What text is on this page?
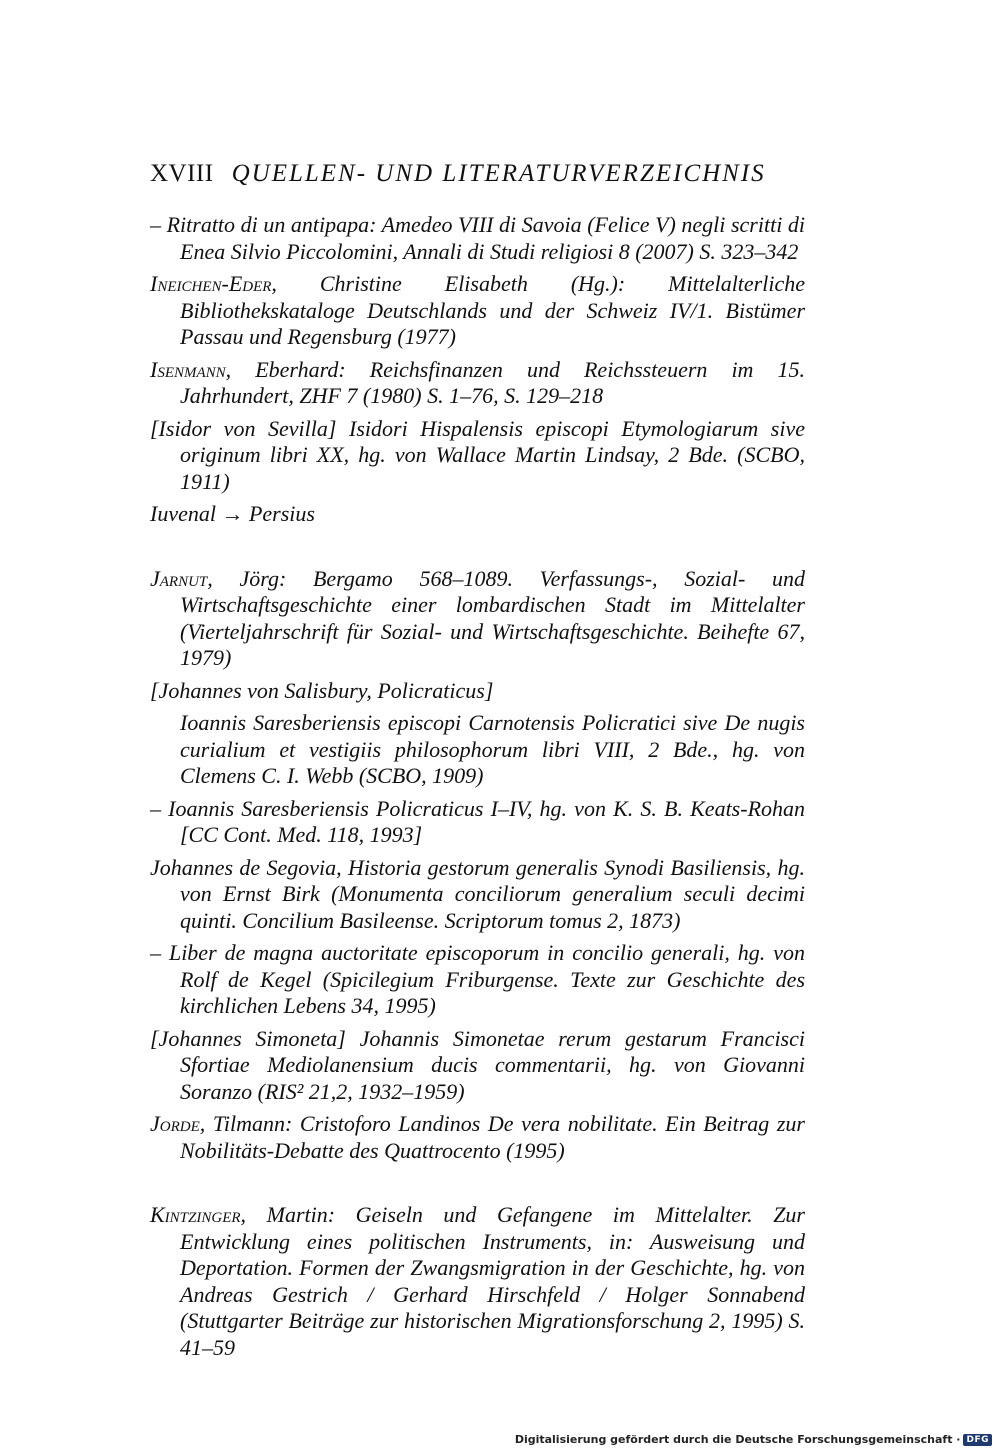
XVIII QUELLEN- UND LITERATURVERZEICHNIS
– Ritratto di un antipapa: Amedeo VIII di Savoia (Felice V) negli scritti di Enea Silvio Piccolomini, Annali di Studi religiosi 8 (2007) S. 323–342
Ineichen-Eder, Christine Elisabeth (Hg.): Mittelalterliche Bibliothekskataloge Deutschlands und der Schweiz IV/1. Bistümer Passau und Regensburg (1977)
Isenmann, Eberhard: Reichsfinanzen und Reichssteuern im 15. Jahrhundert, ZHF 7 (1980) S. 1–76, S. 129–218
[Isidor von Sevilla] Isidori Hispalensis episcopi Etymologiarum sive originum libri XX, hg. von Wallace Martin Lindsay, 2 Bde. (SCBO, 1911)
Iuvenal → Persius
Jarnut, Jörg: Bergamo 568–1089. Verfassungs-, Sozial- und Wirtschaftsgeschichte einer lombardischen Stadt im Mittelalter (Vierteljahrschrift für Sozial- und Wirtschaftsgeschichte. Beihefte 67, 1979)
[Johannes von Salisbury, Policraticus]
Ioannis Saresberiensis episcopi Carnotensis Policratici sive De nugis curialium et vestigiis philosophorum libri VIII, 2 Bde., hg. von Clemens C. I. Webb (SCBO, 1909)
– Ioannis Saresberiensis Policraticus I–IV, hg. von K. S. B. Keats-Rohan [CC Cont. Med. 118, 1993]
Johannes de Segovia, Historia gestorum generalis Synodi Basiliensis, hg. von Ernst Birk (Monumenta conciliorum generalium seculi decimi quinti. Concilium Basileense. Scriptorum tomus 2, 1873)
– Liber de magna auctoritate episcoporum in concilio generali, hg. von Rolf de Kegel (Spicilegium Friburgense. Texte zur Geschichte des kirchlichen Lebens 34, 1995)
[Johannes Simoneta] Johannis Simonetae rerum gestarum Francisci Sfortiae Mediolanensium ducis commentarii, hg. von Giovanni Soranzo (RIS² 21,2, 1932–1959)
Jorde, Tilmann: Cristoforo Landinos De vera nobilitate. Ein Beitrag zur Nobilitäts-Debatte des Quattrocento (1995)
Kintzinger, Martin: Geiseln und Gefangene im Mittelalter. Zur Entwicklung eines politischen Instruments, in: Ausweisung und Deportation. Formen der Zwangsmigration in der Geschichte, hg. von Andreas Gestrich / Gerhard Hirschfeld / Holger Sonnabend (Stuttgarter Beiträge zur historischen Migrationsforschung 2, 1995) S. 41–59
Digitalisierung gefördert durch die Deutsche Forschungsgemeinschaft · DFG
